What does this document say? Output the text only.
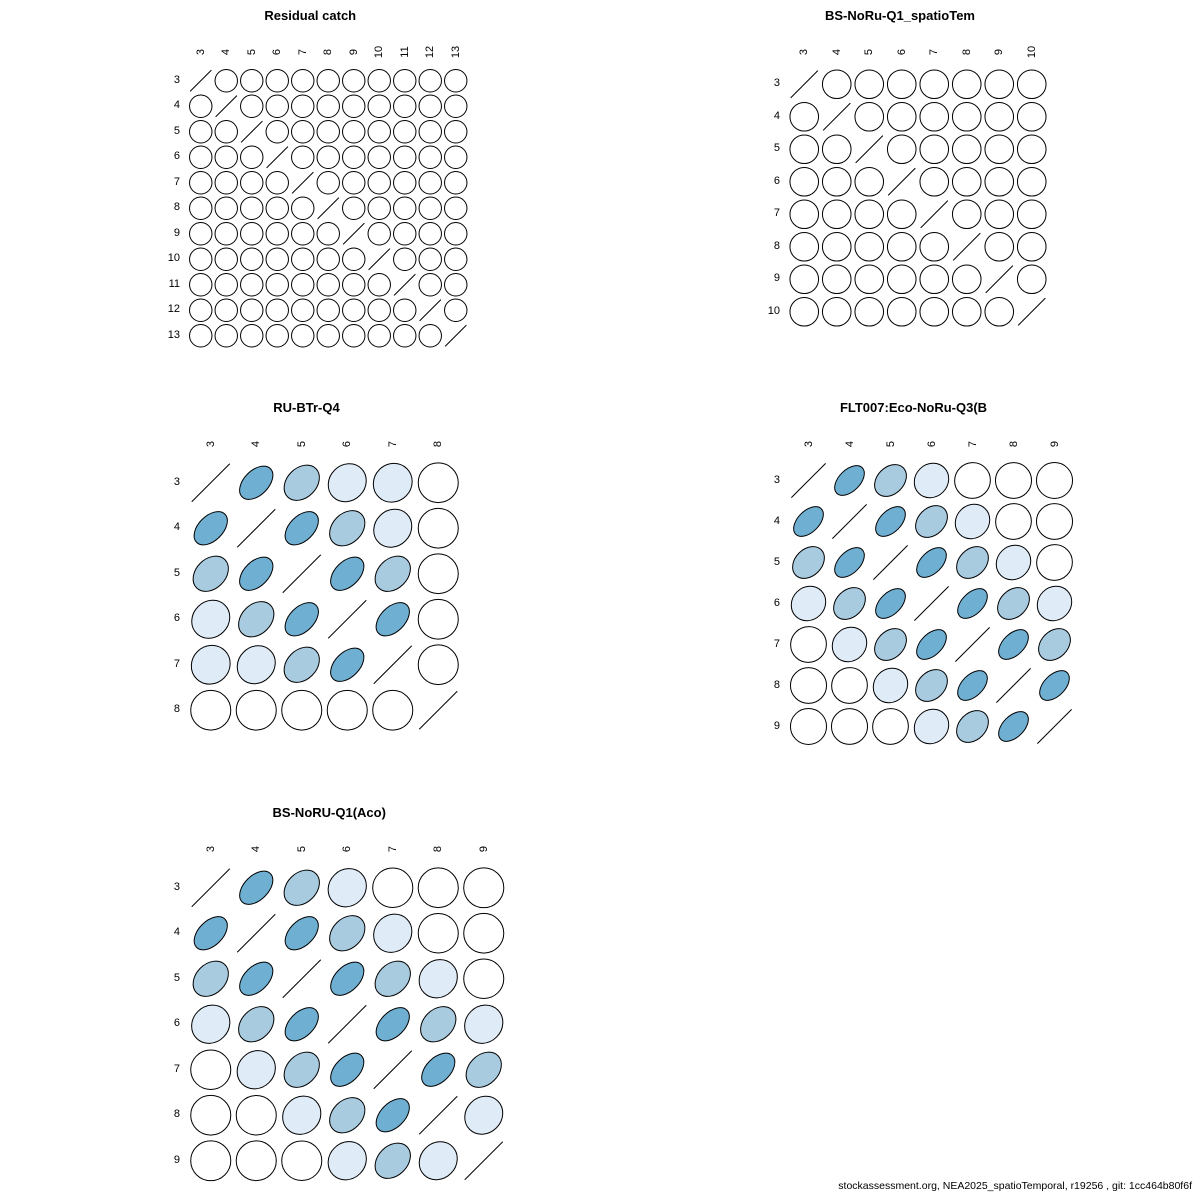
Residual catch
3 4 5 6 7 8 9 10 11 12 13
3
4
5
6
7
8
9
10
11
12
13
BS-NoRu-Q1_spatioTem
3 4 5 6 7 8 9 10
3
4
5
6
7
8
9
10
RU-BTr-Q4
3	4	5	6	7	8
3
4
5
6
7
8
FLT007:Eco-NoRu-Q3(B
3	4	5	6	7	8	9
3
4
5
6
7
8
9
BS-NoRU-Q1(Aco)
3	4	5	6	7	8	9
3
4
5
6
7
8
9
stockassessment.org, NEA2025_spatioTemporal, r19256 , git: 1cc464b80f6f
